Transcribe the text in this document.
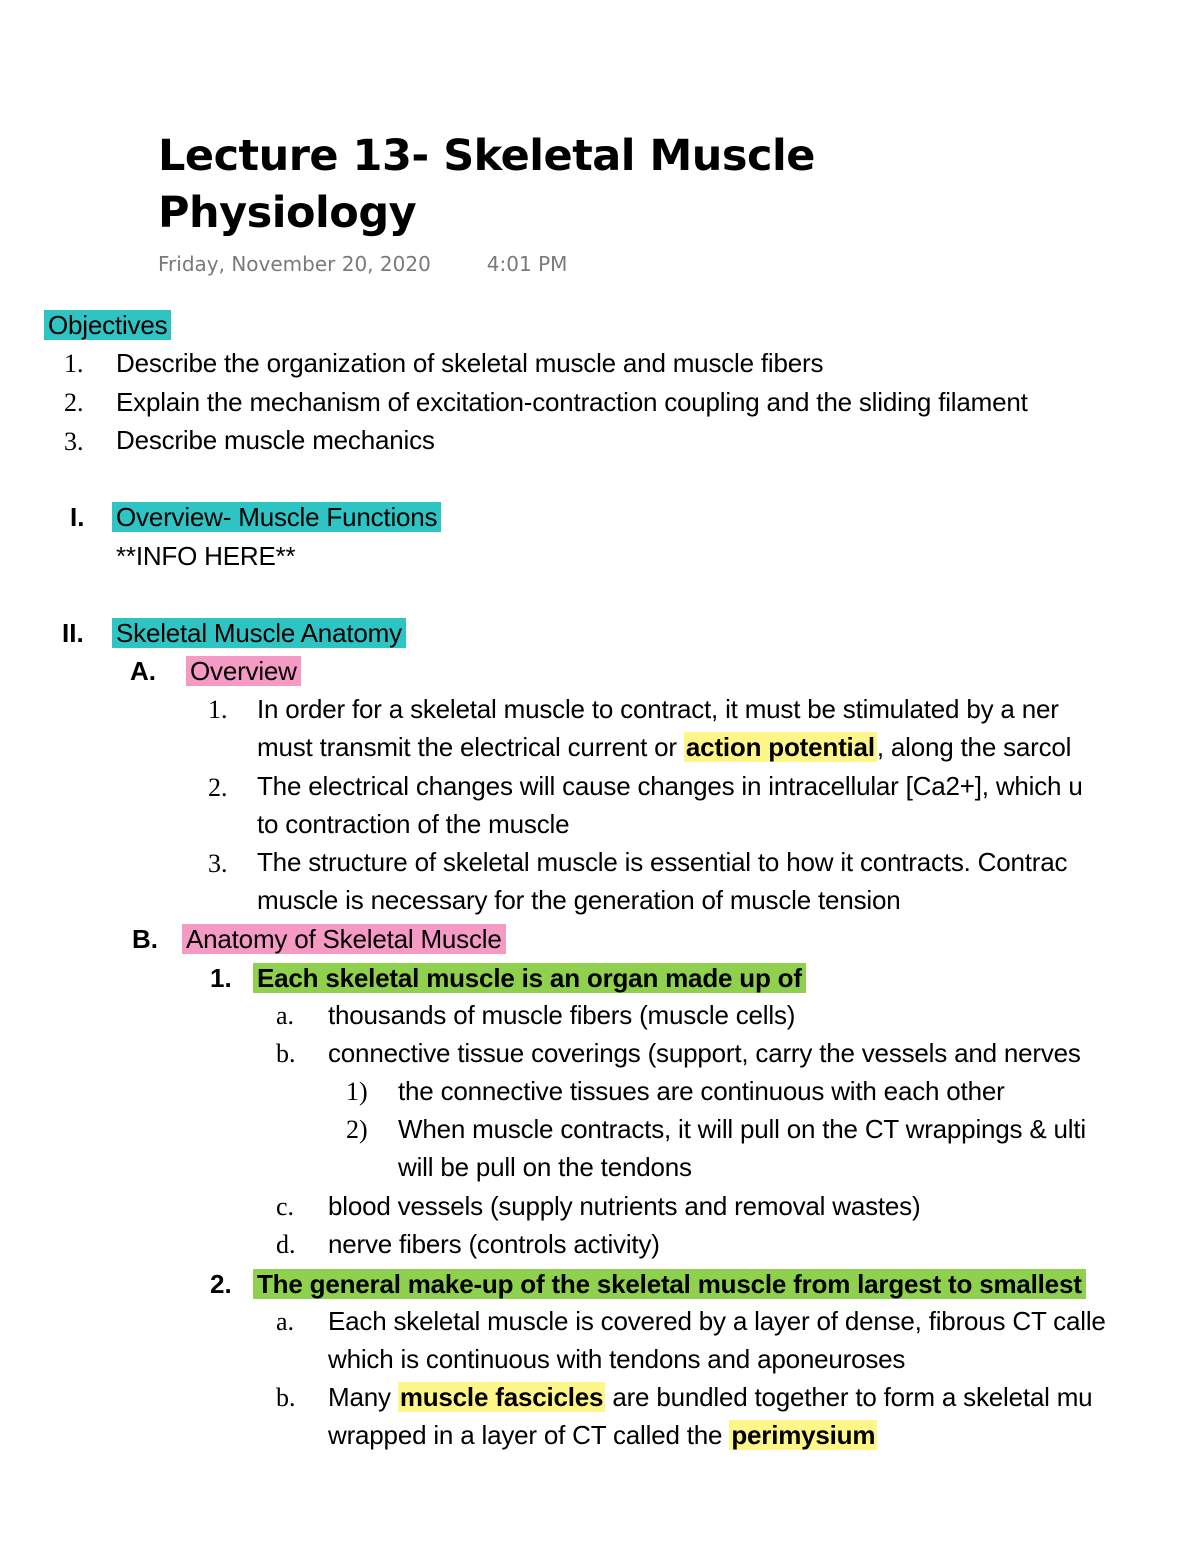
Lecture 13- Skeletal Muscle
Physiology
Friday, November 20, 2020	4:01 PM
Objectives
1. Describe the organization of skeletal muscle and muscle fibers
2. Explain the mechanism of excitation-contraction coupling and the sliding filament
3. Describe muscle mechanics
I. Overview- Muscle Functions
**INFO HERE**
II. Skeletal Muscle Anatomy
A. Overview
1. In order for a skeletal muscle to contract, it must be stimulated by a ner
must transmit the electrical current or action potential, along the sarcol
2. The electrical changes will cause changes in intracellular [Ca2+], which u
to contraction of the muscle
3. The structure of skeletal muscle is essential to how it contracts. Contrac
muscle is necessary for the generation of muscle tension
B. Anatomy of Skeletal Muscle
1. Each skeletal muscle is an organ made up of
a. thousands of muscle fibers (muscle cells)
b. connective tissue coverings (support, carry the vessels and nerves
1) the connective tissues are continuous with each other
2) When muscle contracts, it will pull on the CT wrappings & ulti
will be pull on the tendons
c. blood vessels (supply nutrients and removal wastes)
d. nerve fibers (controls activity)
2. The general make-up of the skeletal muscle from largest to smallest
a. Each skeletal muscle is covered by a layer of dense, fibrous CT calle
which is continuous with tendons and aponeuroses
b. Many muscle fascicles are bundled together to form a skeletal mu
wrapped in a layer of CT called the perimysium
